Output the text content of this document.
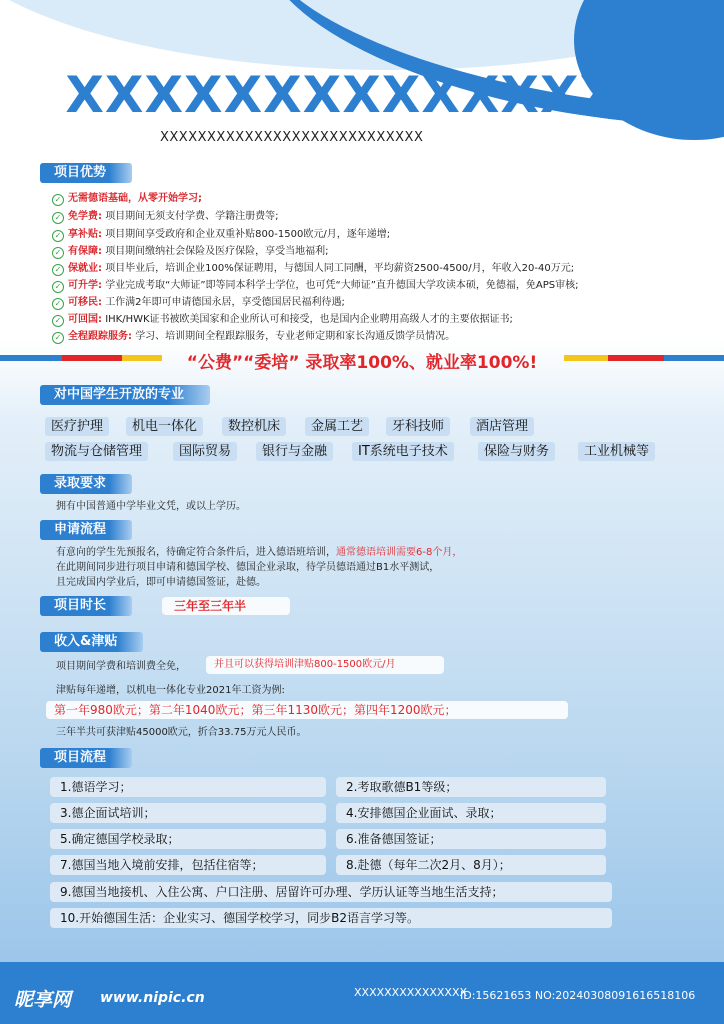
XXXXXXXXXXXXXXX
XXXXXXXXXXXXXXXXXXXXXXXXXXXX
项目优势
✓ 无需德语基础，从零开始学习;
✓ 免学费: 项目期间无须支付学费、学籍注册费等;
✓ 享补贴: 项目期间享受政府和企业双重补贴800-1500欧元/月，逐年递增;
✓ 有保障: 项目期间缴纳社会保险及医疗保险，享受当地福利;
✓ 保就业: 项目毕业后，培训企业100%保证聘用，与德国人同工同酬，平均薪资2500-4500/月，年收入20-40万元;
✓ 可升学: 学业完成考取“大师证”即等同本科学士学位，也可凭“大师证”直升德国大学攻读本硕，免德福，免APS审核;
✓ 可移民: 工作满2年即可申请德国永居，享受德国居民福利待遇;
✓ 可回国: IHK/HWK证书被欧美国家和企业所认可和接受，也是国内企业聘用高级人才的主要依据证书;
✓ 全程跟踪服务: 学习、培训期间全程跟踪服务，专业老师定期和家长沟通反馈学员情况。
“公费”“委培” 录取率100%、就业率100%!
对中国学生开放的专业
医疗护理	机电一体化	数控机床	金属工艺	牙科技师	酒店管理
物流与仓储管理	国际贸易	银行与金融	IT系统电子技术	保险与财务	工业机械等
录取要求
拥有中国普通中学毕业文凭，或以上学历。
申请流程
有意向的学生先预报名，待确定符合条件后，进入德语班培训，通常德语培训需要6-8个月，
在此期间同步进行项目申请和德国学校、德国企业录取，待学员德语通过B1水平测试，
且完成国内学业后，即可申请德国签证，赴德。
项目时长	三年至三年半
收入&津贴
项目期间学费和培训费全免，	并且可以获得培训津贴800-1500欧元/月
津贴每年递增，以机电一体化专业2021年工资为例:
第一年980欧元；第二年1040欧元；第三年1130欧元；第四年1200欧元；
三年半共可获津贴45000欧元，折合33.75万元人民币。
项目流程
1.德语学习；	2.考取歌德B1等级；
3.德企面试培训；	4.安排德国企业面试、录取；
5.确定德国学校录取；	6.准备德国签证；
7.德国当地入境前安排，包括住宿等；	8.赴德（每年二次2月、8月）；
9.德国当地接机、入住公寓、户口注册、居留许可办理、学历认证等当地生活支持；
10.开始德国生活：企业实习、德国学校学习，同步B2语言学习等。
昵享网 www.nipic.cn	XXXXXXXXXXXXXXX
ID:15621653 NO:20240308091616518106
